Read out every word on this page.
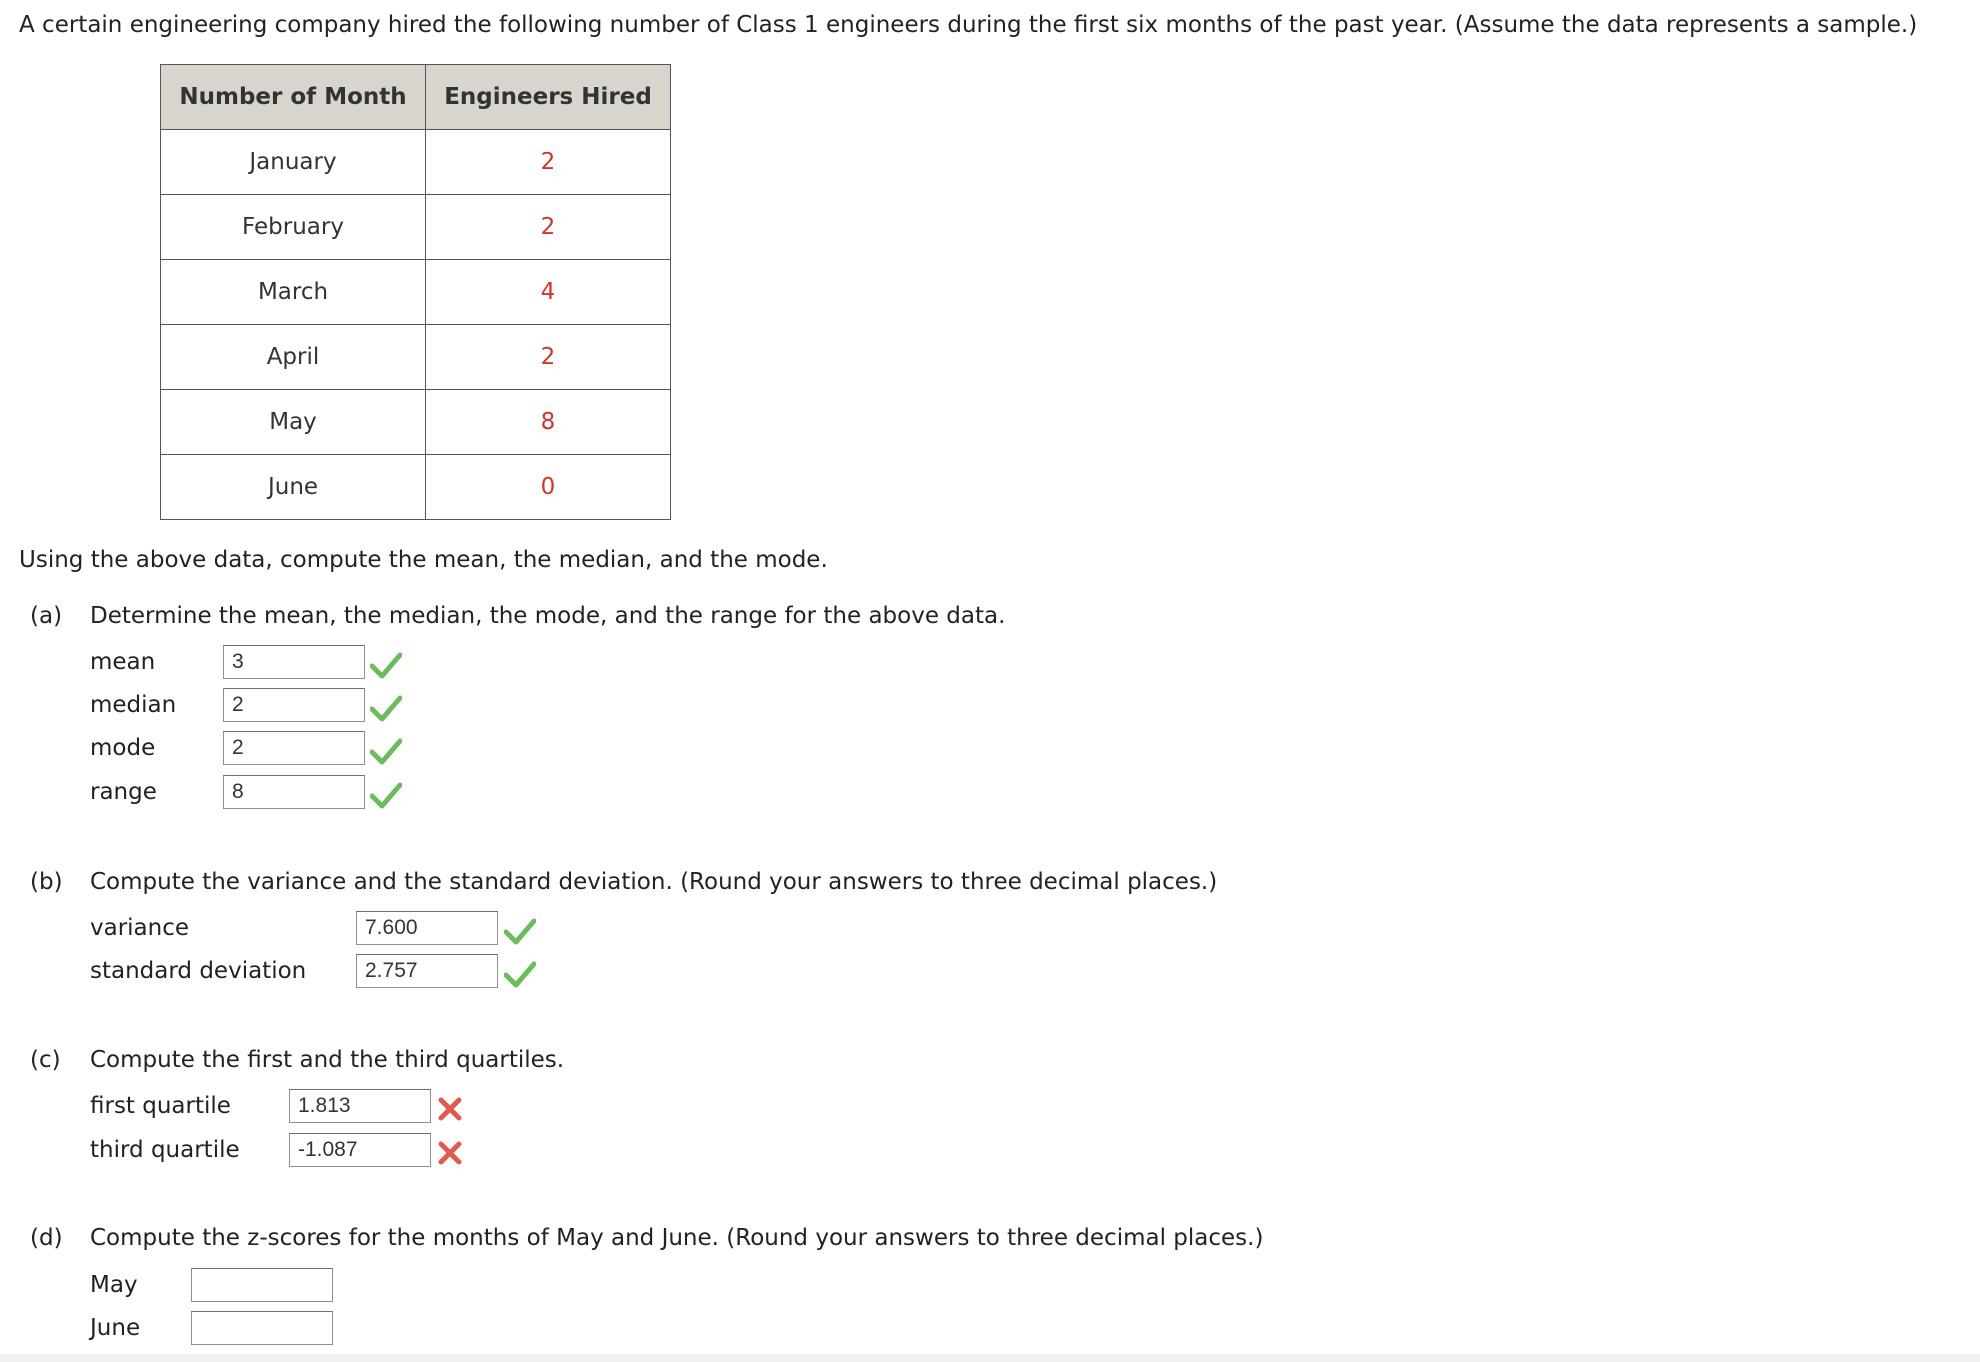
A certain engineering company hired the following number of Class 1 engineers during the first six months of the past year. (Assume the data represents a sample.)
Number of Month	Engineers Hired
January	2
February	2
March	4
April	2
May	8
June	0
Using the above data, compute the mean, the median, and the mode.
(a) Determine the mean, the median, the mode, and the range for the above data.
mean
3
median
2
mode
2
range
8
(b) Compute the variance and the standard deviation. (Round your answers to three decimal places.)
variance
7.600
standard deviation
2.757
(c) Compute the first and the third quartiles.
first quartile
1.813
third quartile
-1.087
(d) Compute the z-scores for the months of May and June. (Round your answers to three decimal places.)
May
June
